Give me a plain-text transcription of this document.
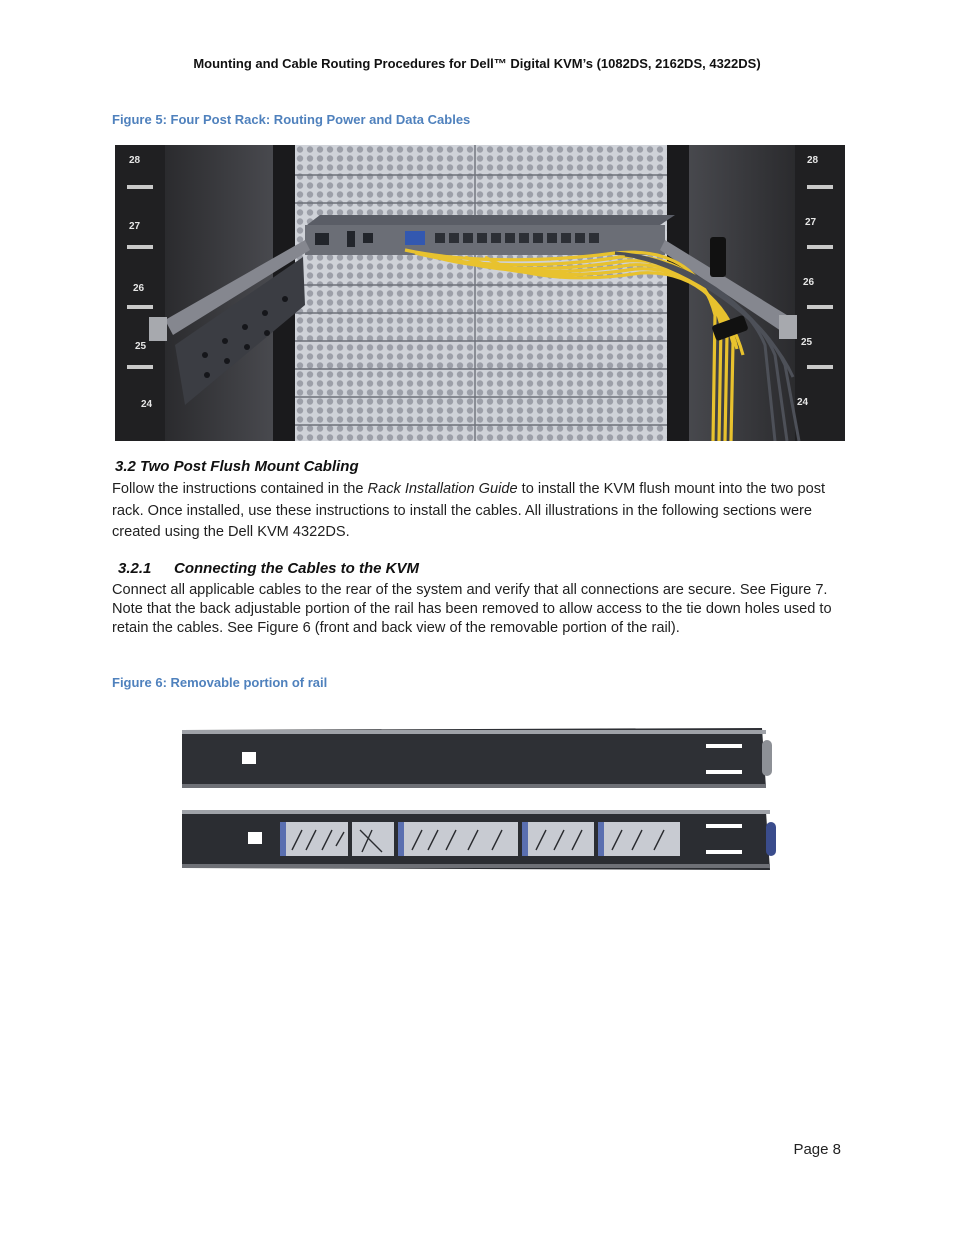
Mounting and Cable Routing Procedures for Dell™ Digital KVM’s (1082DS, 2162DS, 4322DS)
Figure 5: Four Post Rack: Routing Power and Data Cables
28
27
26
25
24
28
27
26
25
24
3.2 Two Post Flush Mount Cabling
Follow the instructions contained in the Rack Installation Guide to install the KVM flush mount into the two post rack. Once installed, use these instructions to install the cables. All illustrations in the following sections were created using the Dell KVM 4322DS.
3.2.1 Connecting the Cables to the KVM
Connect all applicable cables to the rear of the system and verify that all connections are secure. See Figure 7. Note that the back adjustable portion of the rail has been removed to allow access to the tie down holes used to retain the cables. See Figure 6 (front and back view of the removable portion of the rail).
Figure 6: Removable portion of rail
Page 8
